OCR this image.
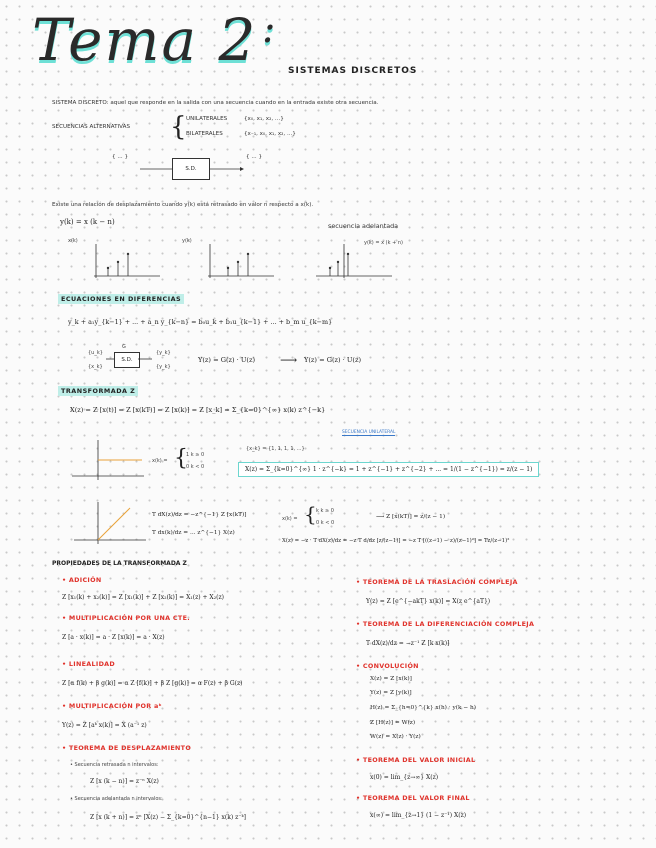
Tema 2 :
SISTEMAS DISCRETOS
SISTEMA DISCRETO: aquel que responde en la salida con una secuencia cuando en la entrada existe otra secuencia.
SECUENCIAS ALTERNATIVAS { UNILATERALES	{x₀, x₁, x₂, ...}
BILATERALES	{x₋₁, x₀, x₁, x₂, ...}
{ ... }
S.D.
{ ... }
Existe una relación de desplazamiento cuando y(k) está retrasado en valor n respecto a x(k).
y(k) = x (k − n)
x(k)	y(k)
secuencia adelantada
y(k) = x (k + n)
ECUACIONES EN DIFERENCIAS
y_k + a₁y_{k−1} + ... + a_n y_{k−n} = b₀u_k + b₁u_{k−1} + ... + b_m u_{k−m}
{u_k}
{x_k}
G
S.D.
{y_k}
{y_k}
Y(z) = G(z) · U(z) ⟶ Y(z) = G(z) · U(z)
TRANSFORMADA Z
X(z) = Z [x(t)] = Z [x(kT)] = Z [x(k)] = Z [x_k] = Σ_{k=0}^{∞} x(k) z^{−k}
SECUENCIA UNILATERAL
x(k) = {
1 k ≥ 0
0 k < 0
{x_k} = {1, 1, 1, 1, ...}
X(z) = Σ_{k=0}^{∞} 1 · z^{−k} = 1 + z^{−1} + z^{−2} + ... = 1/(1 − z^{−1}) = z/(z − 1)
T dX(z)/dz = −z^{−1} Z [x(kT)]
T dx(k)/dz = ... z^{−1} X(z)
x(k) = { k k ≥ 0
0 k < 0
⟶ Z [x(kT)] = z/(z − 1)
X(z) = −z · T dX(z)/dz = −z T d/dz [z/(z−1)] = −z T [((z−1) − z)/(z−1)²] = Tz/(z−1)²
PROPIEDADES DE LA TRANSFORMADA Z
• ADICIÓN
Z [x₁(k) + x₂(k)] = Z [x₁(k)] + Z [x₂(k)] = X₁(z) + X₂(z)
• MULTIPLICACIÓN POR UNA CTE.
Z [a · x(k)] = a · Z [x(k)] = a · X(z)
• LINEALIDAD
Z [α f(k) + β g(k)] = α Z [f(k)] + β Z [g(k)] = α F(z) + β G(z)
• MULTIPLICACIÓN POR aᵏ
Y(z) = Z [aᵏ x(k)] = X (a⁻¹ z)
• TEOREMA DE DESPLAZAMIENTO
• Secuencia retrasada n intervalos:
Z [x (k − n)] = z⁻ⁿ X(z)
• Secuencia adelantada n intervalos:
Z [x (k + n)] = zⁿ [X(z) − Σ_{k=0}^{n−1} x(k) z⁻ᵏ]
• TEOREMA DE LA TRASLACIÓN COMPLEJA
Y(z) = Z [e^{−akT} x(k)] = X(z e^{aT})
• TEOREMA DE LA DIFERENCIACIÓN COMPLEJA
T dX(z)/dz = −z⁻¹ Z [k x(k)]
• CONVOLUCIÓN
X(z) = Z [x(k)]
Y(z) = Z [y(k)]
H(z) = Σ_{h=0}^{k} x(h) · y(k − h)
Z [H(z)] = W(z)
W(z) = X(z) · Y(z)
• TEOREMA DEL VALOR INICIAL
x(0) = lim_{z→∞} X(z)
• TEOREMA DEL VALOR FINAL
x(∞) = lim_{z→1} (1 − z⁻¹) X(z)
